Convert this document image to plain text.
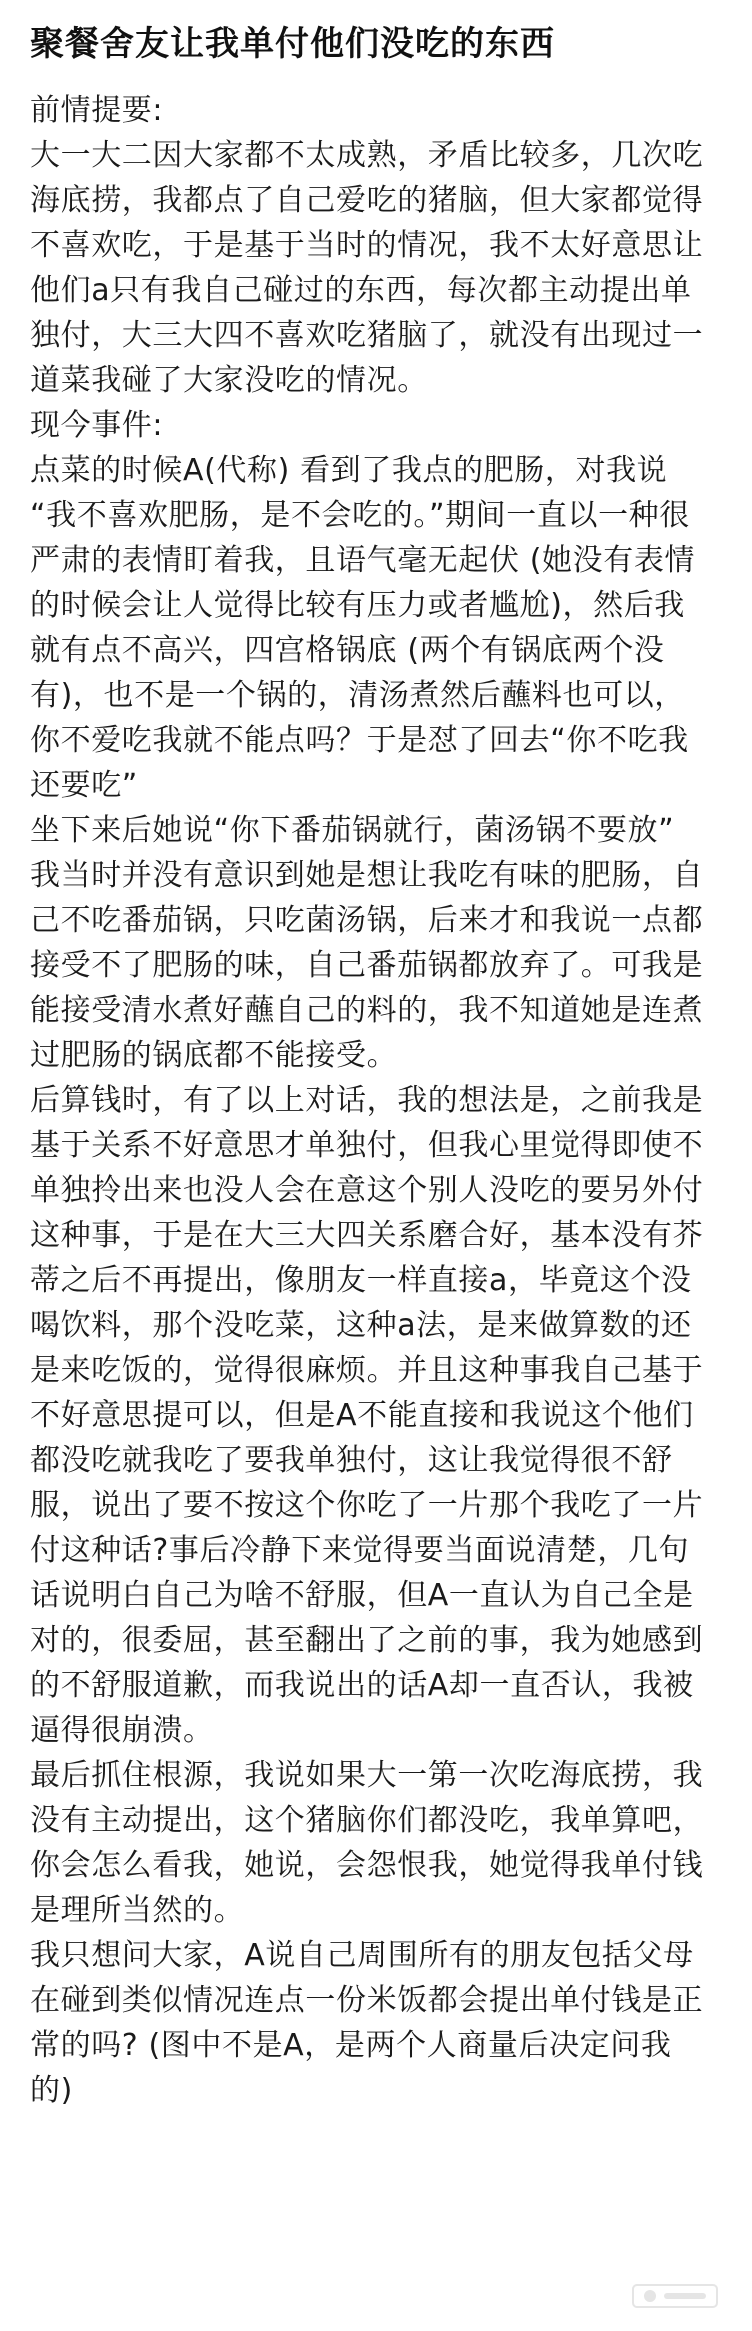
聚餐舍友让我单付他们没吃的东西
前情提要:
大一大二因大家都不太成熟，矛盾比较多，几次吃
海底捞，我都点了自己爱吃的猪脑，但大家都觉得
不喜欢吃，于是基于当时的情况，我不太好意思让
他们a只有我自己碰过的东西，每次都主动提出单
独付，大三大四不喜欢吃猪脑了，就没有出现过一
道菜我碰了大家没吃的情况。
现今事件:
点菜的时候A(代称) 看到了我点的肥肠，对我说
“我不喜欢肥肠，是不会吃的。”期间一直以一种很
严肃的表情盯着我，且语气毫无起伏 (她没有表情
的时候会让人觉得比较有压力或者尴尬)，然后我
就有点不高兴，四宫格锅底 (两个有锅底两个没
有)，也不是一个锅的，清汤煮然后蘸料也可以，
你不爱吃我就不能点吗？于是怼了回去“你不吃我
还要吃”
坐下来后她说“你下番茄锅就行，菌汤锅不要放”
我当时并没有意识到她是想让我吃有味的肥肠，自
己不吃番茄锅，只吃菌汤锅，后来才和我说一点都
接受不了肥肠的味，自己番茄锅都放弃了。可我是
能接受清水煮好蘸自己的料的，我不知道她是连煮
过肥肠的锅底都不能接受。
后算钱时，有了以上对话，我的想法是，之前我是
基于关系不好意思才单独付，但我心里觉得即使不
单独拎出来也没人会在意这个别人没吃的要另外付
这种事，于是在大三大四关系磨合好，基本没有芥
蒂之后不再提出，像朋友一样直接a，毕竟这个没
喝饮料，那个没吃菜，这种a法，是来做算数的还
是来吃饭的，觉得很麻烦。并且这种事我自己基于
不好意思提可以，但是A不能直接和我说这个他们
都没吃就我吃了要我单独付，这让我觉得很不舒
服，说出了要不按这个你吃了一片那个我吃了一片
付这种话?事后冷静下来觉得要当面说清楚，几句
话说明白自己为啥不舒服，但A一直认为自己全是
对的，很委屈，甚至翻出了之前的事，我为她感到
的不舒服道歉，而我说出的话A却一直否认，我被
逼得很崩溃。
最后抓住根源，我说如果大一第一次吃海底捞，我
没有主动提出，这个猪脑你们都没吃，我单算吧，
你会怎么看我，她说，会怨恨我，她觉得我单付钱
是理所当然的。
我只想问大家，A说自己周围所有的朋友包括父母
在碰到类似情况连点一份米饭都会提出单付钱是正
常的吗? (图中不是A，是两个人商量后决定问我
的)
